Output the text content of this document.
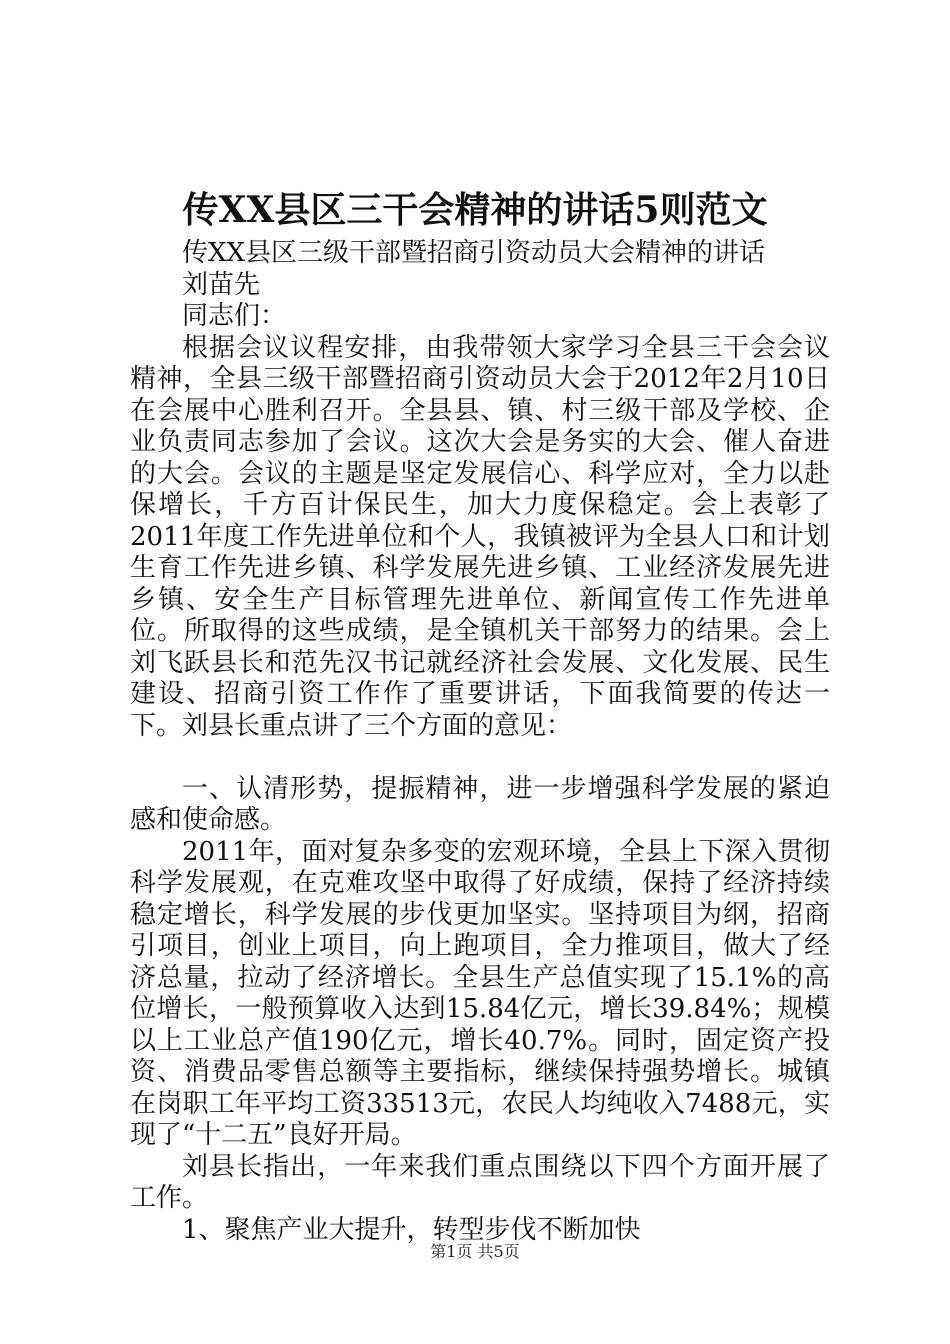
传XX县区三干会精神的讲话5则范文

传XX县区三级干部暨招商引资动员大会精神的讲话

刘苗先

同志们：

根据会议议程安排，由我带领大家学习全县三干会会议精神，全县三级干部暨招商引资动员大会于2012年2月10日在会展中心胜利召开。全县县、镇、村三级干部及学校、企业负责同志参加了会议。这次大会是务实的大会、催人奋进的大会。会议的主题是坚定发展信心、科学应对，全力以赴保增长，千方百计保民生，加大力度保稳定。会上表彰了2011年度工作先进单位和个人，我镇被评为全县人口和计划生育工作先进乡镇、科学发展先进乡镇、工业经济发展先进乡镇、安全生产目标管理先进单位、新闻宣传工作先进单位。所取得的这些成绩，是全镇机关干部努力的结果。会上刘飞跃县长和范先汉书记就经济社会发展、文化发展、民生建设、招商引资工作作了重要讲话，下面我简要的传达一下。刘县长重点讲了三个方面的意见：

一、认清形势，提振精神，进一步增强科学发展的紧迫感和使命感。

2011年，面对复杂多变的宏观环境，全县上下深入贯彻科学发展观，在克难攻坚中取得了好成绩，保持了经济持续稳定增长，科学发展的步伐更加坚实。坚持项目为纲，招商引项目，创业上项目，向上跑项目，全力推项目，做大了经济总量，拉动了经济增长。全县生产总值实现了15.1%的高位增长，一般预算收入达到15.84亿元，增长39.84%；规模以上工业总产值190亿元，增长40.7%。同时，固定资产投资、消费品零售总额等主要指标，继续保持强势增长。城镇在岗职工年平均工资33513元，农民人均纯收入7488元，实现了“十二五”良好开局。

刘县长指出，一年来我们重点围绕以下四个方面开展了工作。

1、聚焦产业大提升，转型步伐不断加快

第1页 共5页
